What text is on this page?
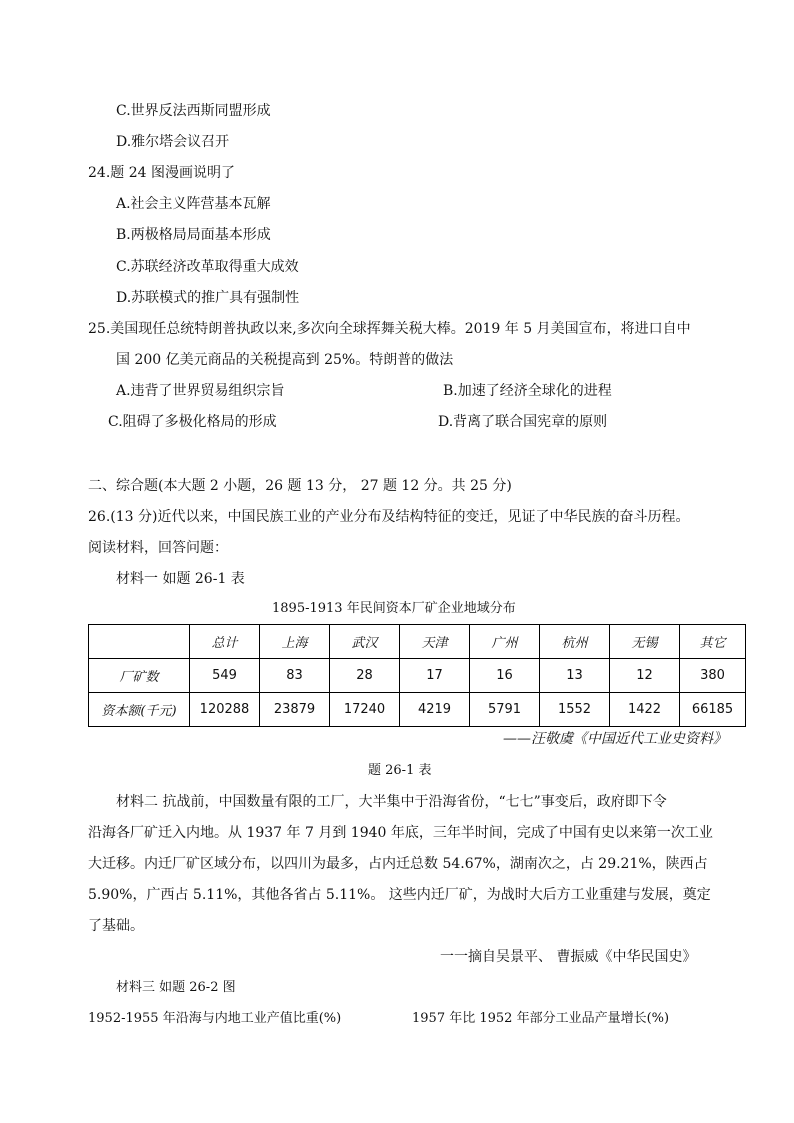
C.世界反法西斯同盟形成
D.雅尔塔会议召开
24.题 24 图漫画说明了
A.社会主义阵营基本瓦解
B.两极格局局面基本形成
C.苏联经济改革取得重大成效
D.苏联模式的推广具有强制性
25.美国现任总统特朗普执政以来,多次向全球挥舞关税大棒。2019 年 5 月美国宣布，将进口自中
国 200 亿美元商品的关税提高到 25%。特朗普的做法
A.违背了世界贸易组织宗旨	B.加速了经济全球化的进程
C.阻碍了多极化格局的形成	D.背离了联合国宪章的原则
二、综合题(本大题 2 小题，26 题 13 分， 27 题 12 分。共 25 分)
26.(13 分)近代以来，中国民族工业的产业分布及结构特征的变迁，见证了中华民族的奋斗历程。
阅读材料，回答问题：
材料一 如题 26-1 表
1895-1913 年民间资本厂矿企业地域分布
	总计	上海	武汉	天津	广州	杭州	无锡	其它
厂矿数	549	83	28	17	16	13	12	380
资本额(千元)	120288	23879	17240	4219	5791	1552	1422	66185
——汪敬虞《中国近代工业史资料》
题 26-1 表
材料二 抗战前，中国数量有限的工厂，大半集中于沿海省份，“七七”事变后，政府即下令
沿海各厂矿迁入内地。从 1937 年 7 月到 1940 年底，三年半时间，完成了中国有史以来第一次工业
大迁移。内迁厂矿区域分布，以四川为最多，占内迁总数 54.67%，湖南次之，占 29.21%，陕西占
5.90%，广西占 5.11%，其他各省占 5.11%。 这些内迁厂矿，为战时大后方工业重建与发展，奠定
了基础。
一一摘自吴景平、 曹振威《中华民国史》
材料三 如题 26-2 图
1952-1955 年沿海与内地工业产值比重(%)	1957 年比 1952 年部分工业品产量增长(%)
